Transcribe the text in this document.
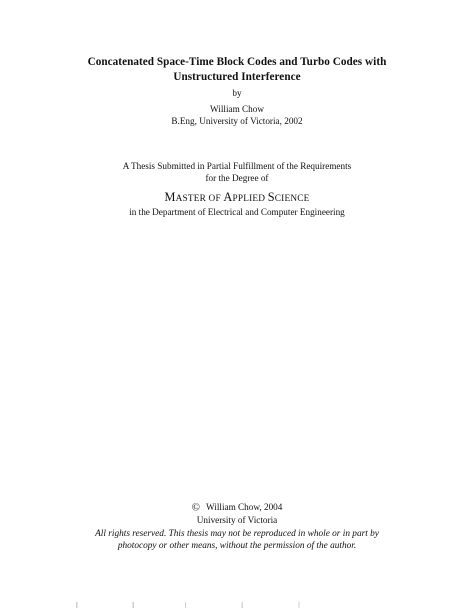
Concatenated Space-Time Block Codes and Turbo Codes with
Unstructured Interference
by
William Chow
B.Eng, University of Victoria, 2002
A Thesis Submitted in Partial Fulfillment of the Requirements
for the Degree of
MASTER OF APPLIED SCIENCE
in the Department of Electrical and Computer Engineering
© William Chow, 2004
University of Victoria
All rights reserved. This thesis may not be reproduced in whole or in part by
photocopy or other means, without the permission of the author.
